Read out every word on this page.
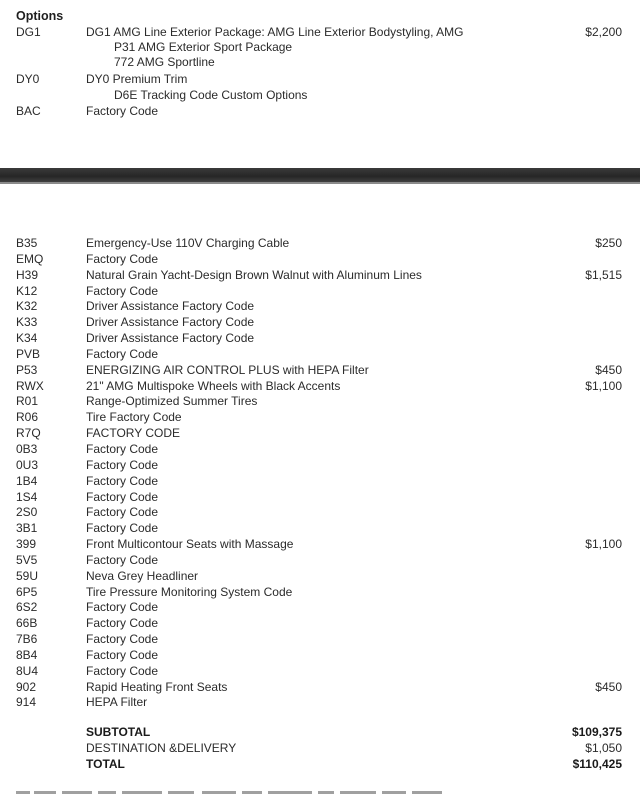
Options
DG1	DG1 AMG Line Exterior Package: AMG Line Exterior Bodystyling, AMG	$2,200
P31 AMG Exterior Sport Package
772 AMG Sportline
DY0	DY0 Premium Trim
D6E Tracking Code Custom Options
BAC	Factory Code
B35	Emergency-Use 110V Charging Cable	$250
EMQ	Factory Code
H39	Natural Grain Yacht-Design Brown Walnut with Aluminum Lines	$1,515
K12	Factory Code
K32	Driver Assistance Factory Code
K33	Driver Assistance Factory Code
K34	Driver Assistance Factory Code
PVB	Factory Code
P53	ENERGIZING AIR CONTROL PLUS with HEPA Filter	$450
RWX	21" AMG Multispoke Wheels with Black Accents	$1,100
R01	Range-Optimized Summer Tires
R06	Tire Factory Code
R7Q	FACTORY CODE
0B3	Factory Code
0U3	Factory Code
1B4	Factory Code
1S4	Factory Code
2S0	Factory Code
3B1	Factory Code
399	Front Multicontour Seats with Massage	$1,100
5V5	Factory Code
59U	Neva Grey Headliner
6P5	Tire Pressure Monitoring System Code
6S2	Factory Code
66B	Factory Code
7B6	Factory Code
8B4	Factory Code
8U4	Factory Code
902	Rapid Heating Front Seats	$450
914	HEPA Filter
SUBTOTAL	$109,375
DESTINATION &DELIVERY	$1,050
TOTAL	$110,425
